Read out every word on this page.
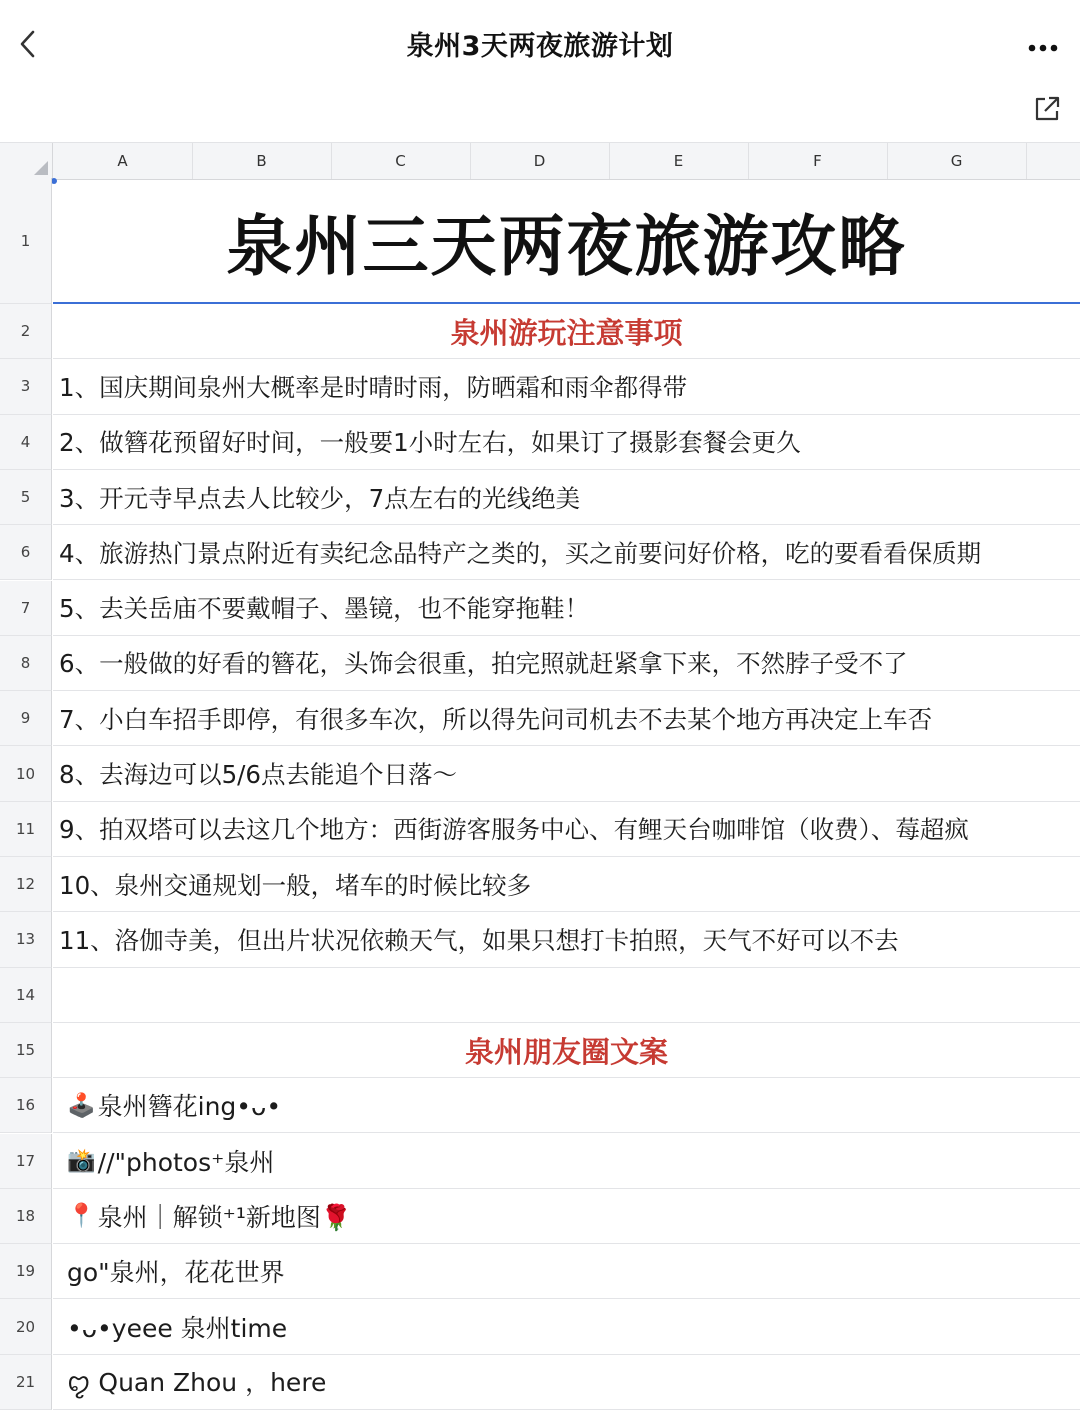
泉州3天两夜旅游计划
A	B	C	D	E	F	G
1	泉州三天两夜旅游攻略
2	泉州游玩注意事项
3	1、国庆期间泉州大概率是时晴时雨，防晒霜和雨伞都得带
4	2、做簪花预留好时间，一般要1小时左右，如果订了摄影套餐会更久
5	3、开元寺早点去人比较少，7点左右的光线绝美
6	4、旅游热门景点附近有卖纪念品特产之类的，买之前要问好价格，吃的要看看保质期
7	5、去关岳庙不要戴帽子、墨镜，也不能穿拖鞋！
8	6、一般做的好看的簪花，头饰会很重，拍完照就赶紧拿下来，不然脖子受不了
9	7、小白车招手即停，有很多车次，所以得先问司机去不去某个地方再决定上车否
10 8、去海边可以5/6点去能追个日落～
11 9、拍双塔可以去这几个地方：西街游客服务中心、有鲤天台咖啡馆（收费）、莓超疯
12 10、泉州交通规划一般，堵车的时候比较多
13 11、洛伽寺美，但出片状况依赖天气，如果只想打卡拍照，天气不好可以不去
14
15	泉州朋友圈文案
16	🕹️ 泉州簪花ing•ᴗ•
17	📸 //"photos⁺泉州
18	📍 泉州｜解锁⁺¹新地图🌹
19	go"泉州，花花世界
20	•ᴗ•yeee 泉州time
21	ꨄ Quan Zhou ，here
